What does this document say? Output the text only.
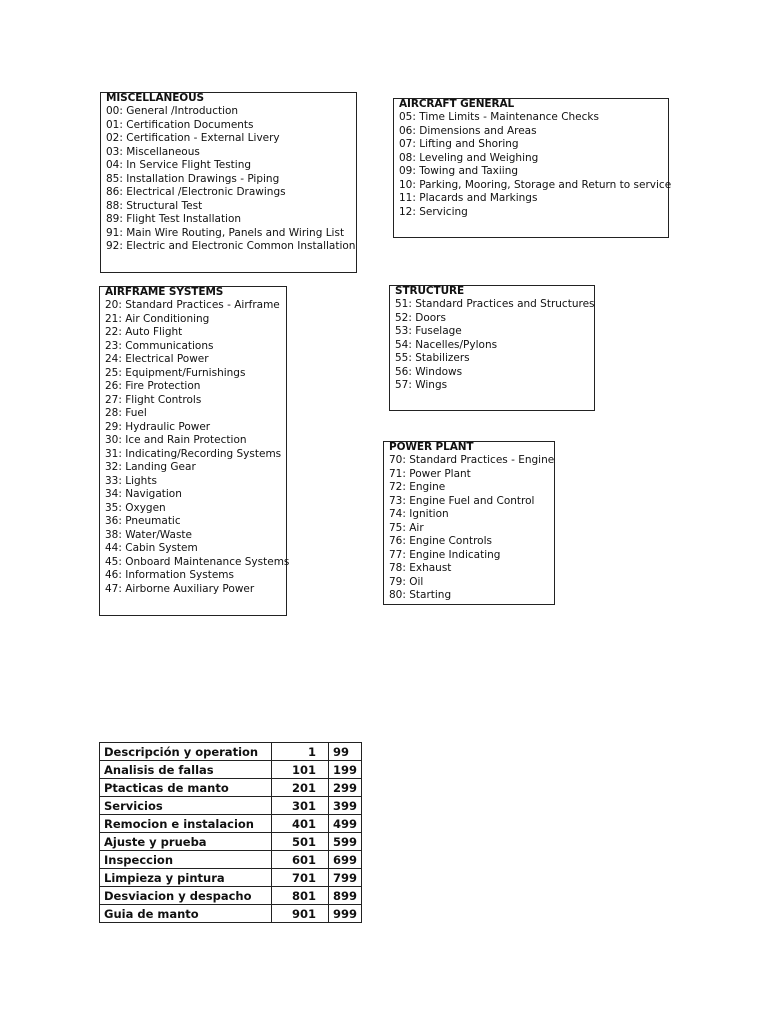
MISCELLANEOUS
00: General /Introduction
01: Certification Documents
02: Certification - External Livery
03: Miscellaneous
04: In Service Flight Testing
85: Installation Drawings - Piping
86: Electrical /Electronic Drawings
88: Structural Test
89: Flight Test Installation
91: Main Wire Routing, Panels and Wiring List
92: Electric and Electronic Common Installation
AIRCRAFT GENERAL
05: Time Limits - Maintenance Checks
06: Dimensions and Areas
07: Lifting and Shoring
08: Leveling and Weighing
09: Towing and Taxiing
10: Parking, Mooring, Storage and Return to service
11: Placards and Markings
12: Servicing
AIRFRAME SYSTEMS
20: Standard Practices - Airframe
21: Air Conditioning
22: Auto Flight
23: Communications
24: Electrical Power
25: Equipment/Furnishings
26: Fire Protection
27: Flight Controls
28: Fuel
29: Hydraulic Power
30: Ice and Rain Protection
31: Indicating/Recording Systems
32: Landing Gear
33: Lights
34: Navigation
35: Oxygen
36: Pneumatic
38: Water/Waste
44: Cabin System
45: Onboard Maintenance Systems
46: Information Systems
47: Airborne Auxiliary Power
STRUCTURE
51: Standard Practices and Structures
52: Doors
53: Fuselage
54: Nacelles/Pylons
55: Stabilizers
56: Windows
57: Wings
POWER PLANT
70: Standard Practices - Engine
71: Power Plant
72: Engine
73: Engine Fuel and Control
74: Ignition
75: Air
76: Engine Controls
77: Engine Indicating
78: Exhaust
79: Oil
80: Starting
Descripción y operation	1	99
Analisis de fallas	101	199
Ptacticas de manto	201	299
Servicios	301	399
Remocion e instalacion	401	499
Ajuste y prueba	501	599
Inspeccion	601	699
Limpieza y pintura	701	799
Desviacion y despacho	801	899
Guia de manto	901	999
